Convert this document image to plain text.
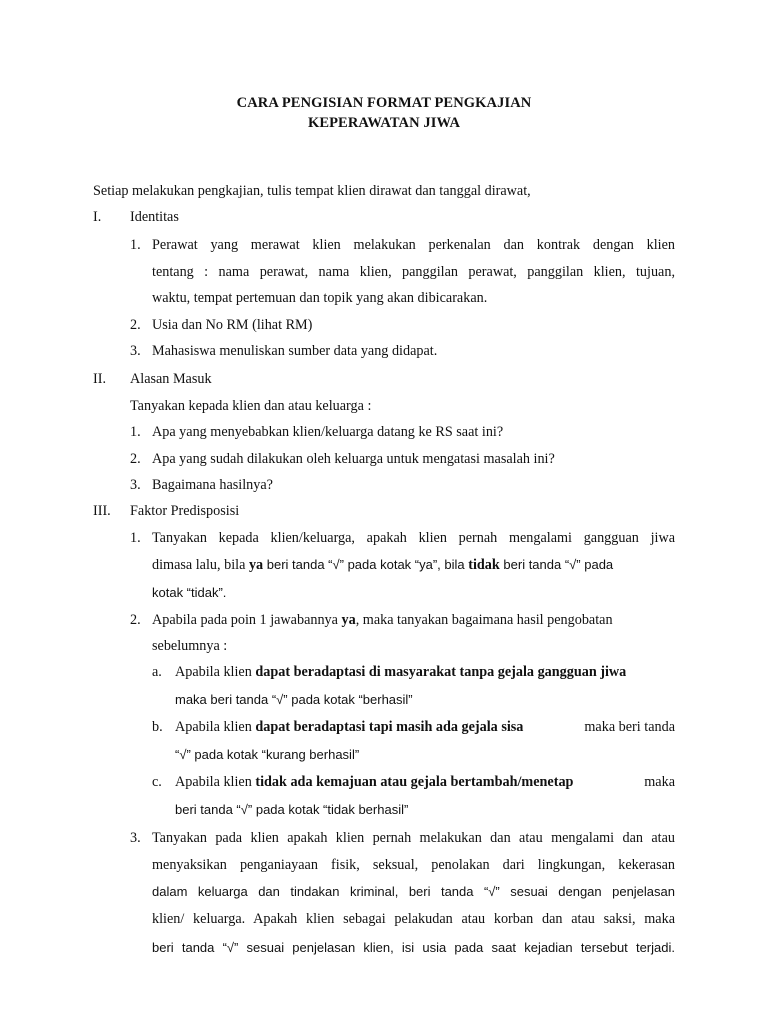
CARA PENGISIAN FORMAT PENGKAJIAN
KEPERAWATAN JIWA
Setiap melakukan pengkajian, tulis tempat klien dirawat dan tanggal dirawat,
I. Identitas
1. Perawat yang merawat klien melakukan perkenalan dan kontrak dengan klien
tentang : nama perawat, nama klien, panggilan perawat, panggilan klien, tujuan,
waktu, tempat pertemuan dan topik yang akan dibicarakan.
2. Usia dan No RM (lihat RM)
3. Mahasiswa menuliskan sumber data yang didapat.
II. Alasan Masuk
Tanyakan kepada klien dan atau keluarga :
1. Apa yang menyebabkan klien/keluarga datang ke RS saat ini?
2. Apa yang sudah dilakukan oleh keluarga untuk mengatasi masalah ini?
3. Bagaimana hasilnya?
III. Faktor Predisposisi
1. Tanyakan kepada klien/keluarga, apakah klien pernah mengalami gangguan jiwa
dimasa lalu, bila ya beri tanda “√” pada kotak “ya”, bila tidak beri tanda “√” pada
kotak “tidak”.
2. Apabila pada poin 1 jawabannya ya , maka tanyakan bagaimana hasil pengobatan
sebelumnya :
a. Apabila klien dapat beradaptasi di masyarakat tanpa gejala gangguan jiwa
maka beri tanda “√” pada kotak “berhasil”
b. Apabila klien dapat beradaptasi tapi masih ada gejala sisa	maka beri tanda
“√” pada kotak “kurang berhasil”
c. Apabila klien tidak ada kemajuan atau gejala bertambah/menetap	maka
beri tanda “√” pada kotak “tidak berhasil”
3. Tanyakan pada klien apakah klien pernah melakukan dan atau mengalami dan atau
menyaksikan penganiayaan fisik, seksual, penolakan dari lingkungan, kekerasan
dalam keluarga dan tindakan kriminal, beri tanda “√” sesuai dengan penjelasan
klien/ keluarga. Apakah klien sebagai pelakudan atau korban dan atau saksi, maka
beri tanda “√” sesuai penjelasan klien, isi usia pada saat kejadian tersebut terjadi.
